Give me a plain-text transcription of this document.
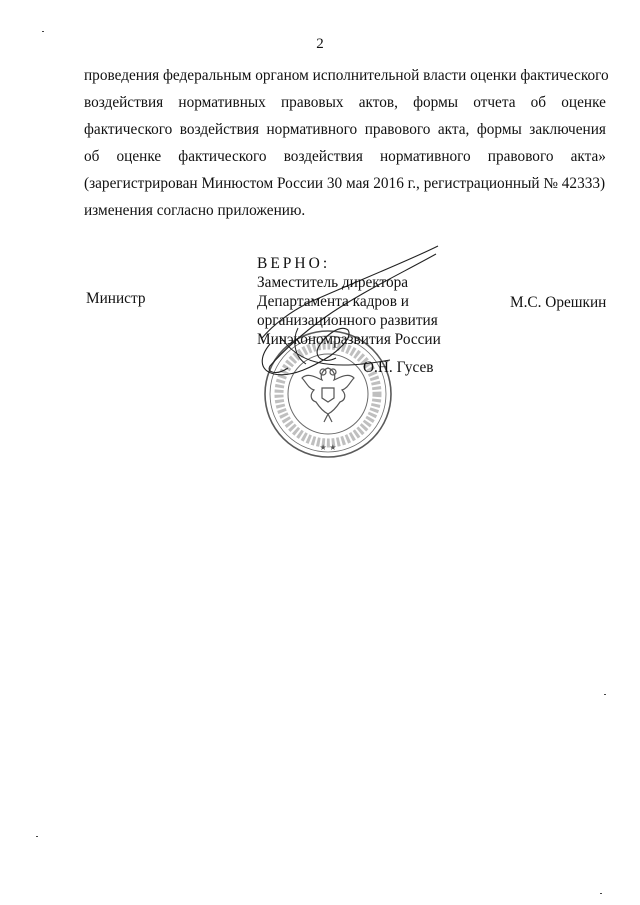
2
проведения федеральным органом исполнительной власти оценки фактического
воздействия нормативных правовых актов, формы отчета об оценке
фактического воздействия нормативного правового акта, формы заключения
об оценке фактического воздействия нормативного правового акта»
(зарегистрирован Минюстом России 30 мая 2016 г., регистрационный № 42333)
изменения согласно приложению.
★ ★
ВЕРНО:
Заместитель директора
Департамента кадров и
организационного развития
Минэкономразвития России
О.Н. Гусев
Министр	М.С. Орешкин
